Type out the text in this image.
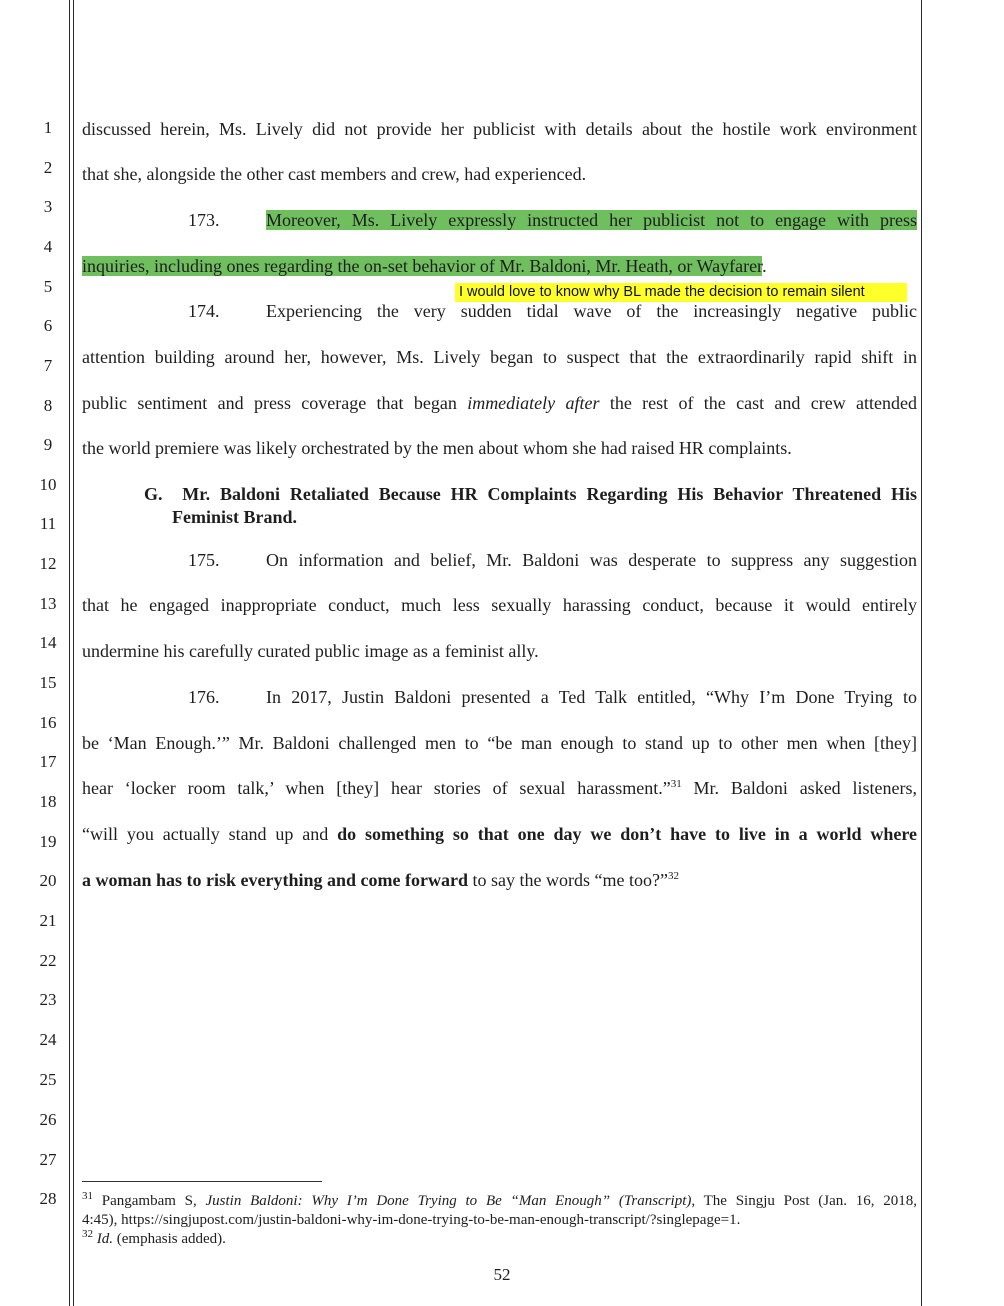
1
2
3
4
5
6
7
8
9
10
11
12
13
14
15
16
17
18
19
20
21
22
23
24
25
26
27
28
discussed herein, Ms. Lively did not provide her publicist with details about the hostile work environment
that she, alongside the other cast members and crew, had experienced.
173.	Moreover, Ms. Lively expressly instructed her publicist not to engage with press
inquiries, including ones regarding the on-set behavior of Mr. Baldoni, Mr. Heath, or Wayfarer.
I would love to know why BL made the decision to remain silent
174.	Experiencing the very sudden tidal wave of the increasingly negative public
attention building around her, however, Ms. Lively began to suspect that the extraordinarily rapid shift in
public sentiment and press coverage that began immediately after the rest of the cast and crew attended
the world premiere was likely orchestrated by the men about whom she had raised HR complaints.
G. Mr. Baldoni Retaliated Because HR Complaints Regarding His Behavior Threatened His
Feminist Brand.
175.	On information and belief, Mr. Baldoni was desperate to suppress any suggestion
that he engaged inappropriate conduct, much less sexually harassing conduct, because it would entirely
undermine his carefully curated public image as a feminist ally.
176.	In 2017, Justin Baldoni presented a Ted Talk entitled, “Why I’m Done Trying to
be ‘Man Enough.’” Mr. Baldoni challenged men to “be man enough to stand up to other men when [they]
hear ‘locker room talk,’ when [they] hear stories of sexual harassment.”$^{31}$ Mr. Baldoni asked listeners,
“will you actually stand up and do something so that one day we don’t have to live in a world where
a woman has to risk everything and come forward to say the words “me too?”$^{32}$
$^{31}$ Pangambam S, Justin Baldoni: Why I’m Done Trying to Be “Man Enough” (Transcript), The Singju Post (Jan. 16, 2018,
4:45), https://singjupost.com/justin-baldoni-why-im-done-trying-to-be-man-enough-transcript/?singlepage=1.
$^{32}$ Id. (emphasis added).
52
